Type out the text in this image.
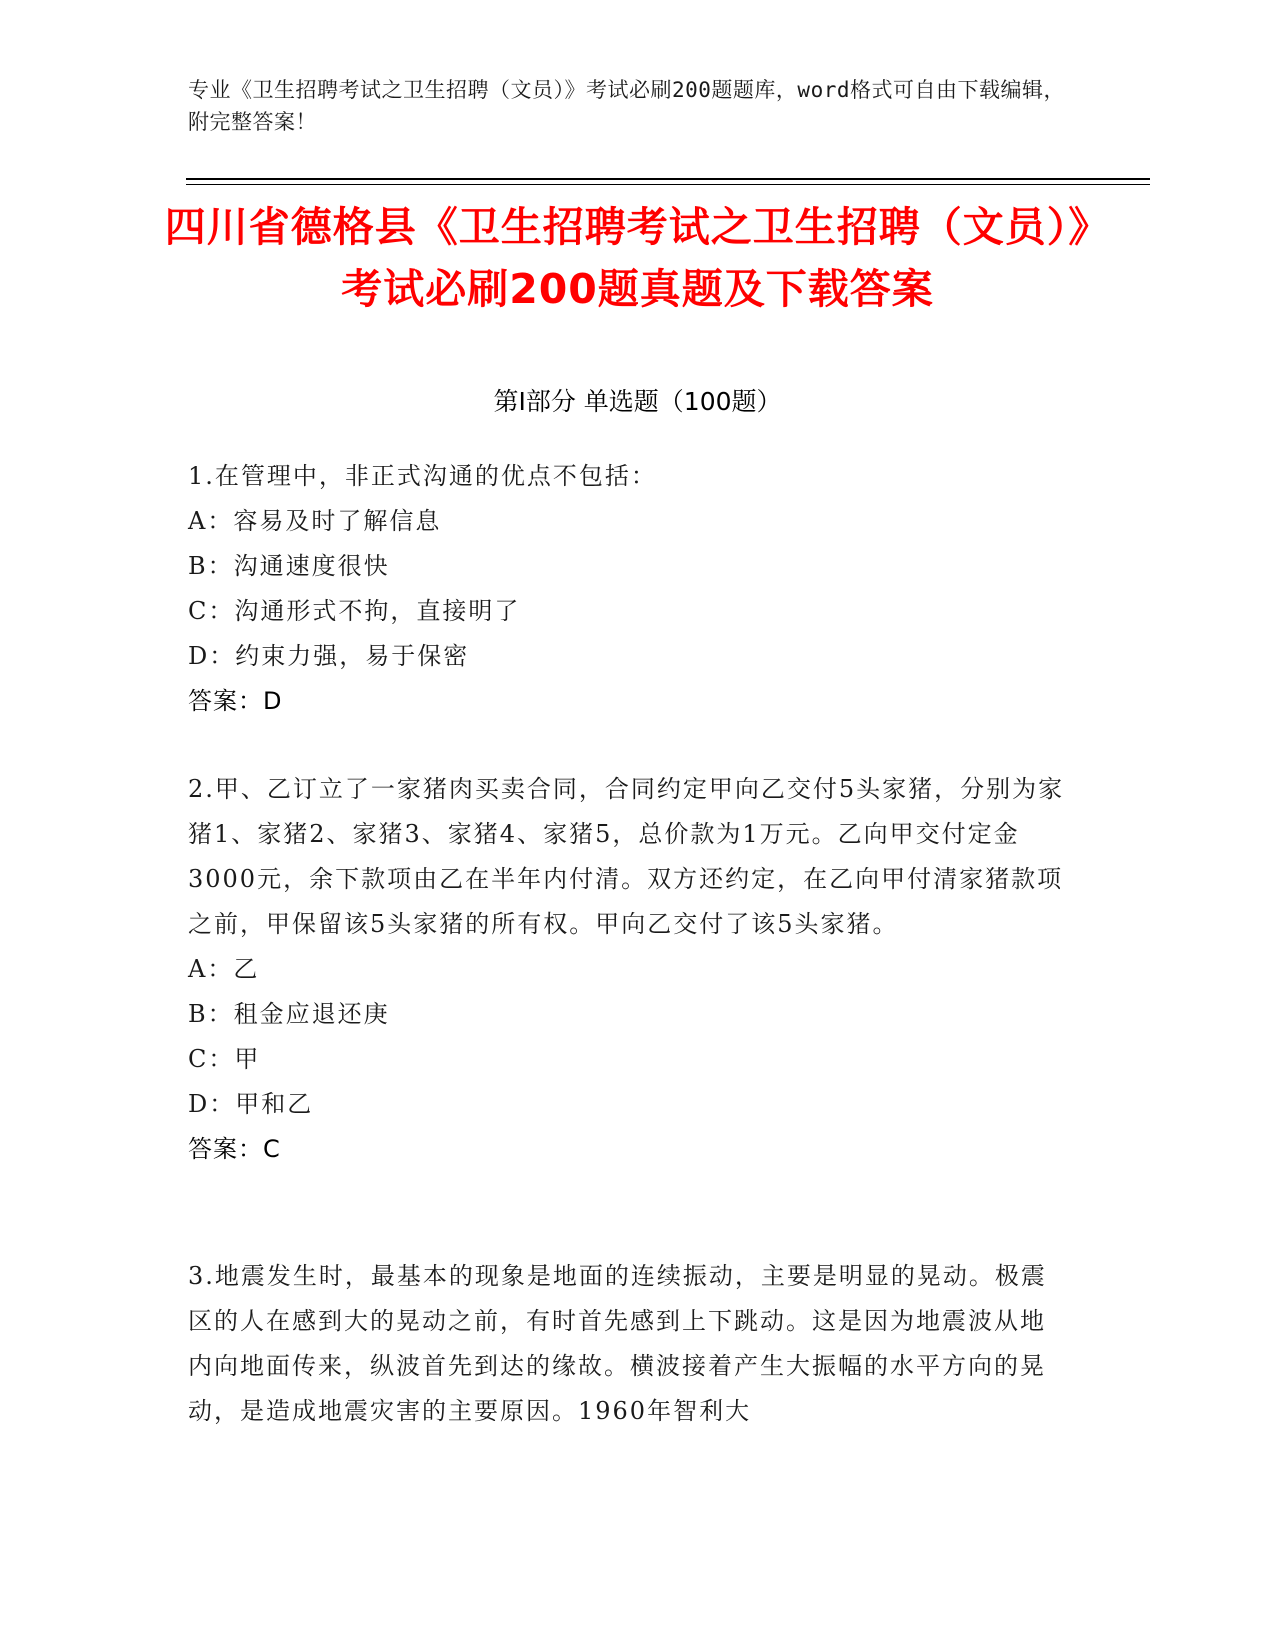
专业《卫生招聘考试之卫生招聘（文员）》考试必刷200题题库，word格式可自由下载编辑，附完整答案！
四川省德格县《卫生招聘考试之卫生招聘（文员）》考试必刷200题真题及下载答案
第Ⅰ部分 单选题（100题）
1.在管理中，非正式沟通的优点不包括：
A：容易及时了解信息
B：沟通速度很快
C：沟通形式不拘，直接明了
D：约束力强，易于保密
答案：D
2.甲、乙订立了一家猪肉买卖合同，合同约定甲向乙交付5头家猪，分别为家猪1、家猪2、家猪3、家猪4、家猪5，总价款为1万元。乙向甲交付定金3000元，余下款项由乙在半年内付清。双方还约定，在乙向甲付清家猪款项之前，甲保留该5头家猪的所有权。甲向乙交付了该5头家猪。
A：乙
B：租金应退还庚
C：甲
D：甲和乙
答案：C
3.地震发生时，最基本的现象是地面的连续振动，主要是明显的晃动。极震区的人在感到大的晃动之前，有时首先感到上下跳动。这是因为地震波从地内向地面传来，纵波首先到达的缘故。横波接着产生大振幅的水平方向的晃动，是造成地震灾害的主要原因。1960年智利大
